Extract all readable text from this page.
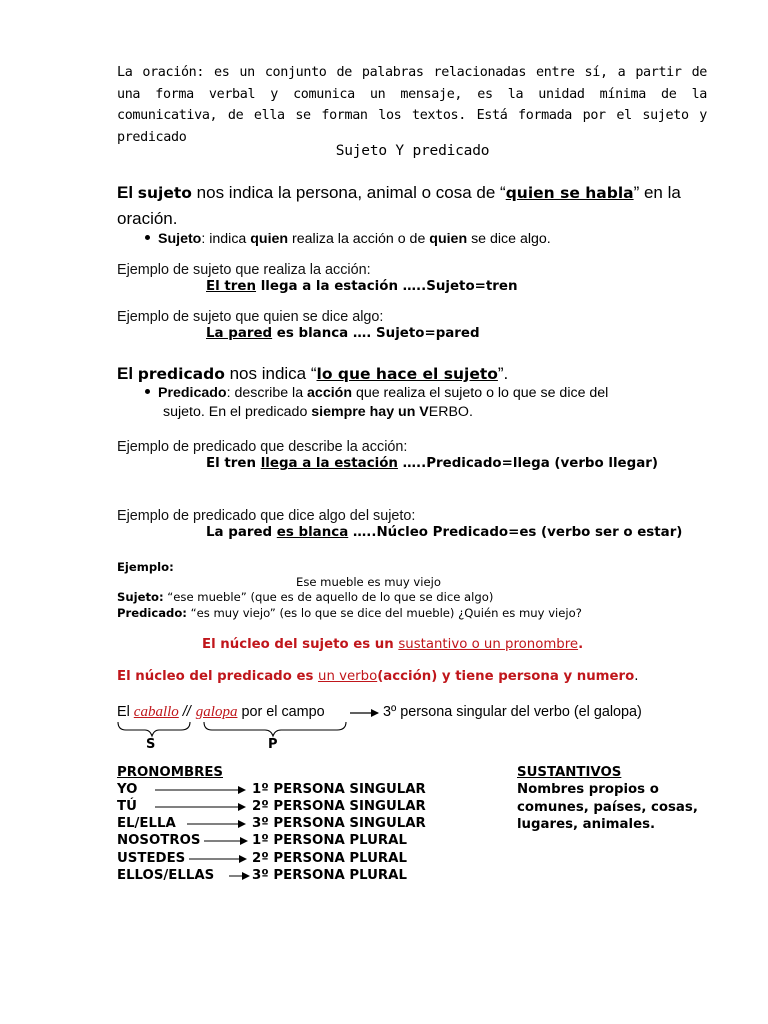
La oración: es un conjunto de palabras relacionadas entre sí, a partir de una forma verbal y comunica un mensaje, es la unidad mínima de la comunicativa, de ella se forman los textos. Está formada por el sujeto y predicado
Sujeto Y predicado
El sujeto nos indica la persona, animal o cosa de “quien se habla” en la
oración.
Sujeto: indica quien realiza la acción o de quien se dice algo.
Ejemplo de sujeto que realiza la acción:
El tren llega a la estación …..Sujeto=tren
Ejemplo de sujeto que quien se dice algo:
La pared es blanca …. Sujeto=pared
El predicado nos indica “lo que hace el sujeto”.
Predicado: describe la acción que realiza el sujeto o lo que se dice del
sujeto. En el predicado siempre hay un VERBO.
Ejemplo de predicado que describe la acción:
El tren llega a la estación …..Predicado=llega (verbo llegar)
Ejemplo de predicado que dice algo del sujeto:
La pared es blanca …..Núcleo Predicado=es (verbo ser o estar)
Ejemplo:
Ese mueble es muy viejo
Sujeto: “ese mueble” (que es de aquello de lo que se dice algo)
Predicado: “es muy viejo” (es lo que se dice del mueble) ¿Quién es muy viejo?
El núcleo del sujeto es un sustantivo o un pronombre.
El núcleo del predicado es un verbo(acción) y tiene persona y numero.
El caballo // galopa por el campo	3º persona singular del verbo (el galopa)
S	P
PRONOMBRES
YO
TÚ
EL/ELLA
NOSOTROS
USTEDES
ELLOS/ELLAS
1º PERSONA SINGULAR
2º PERSONA SINGULAR
3º PERSONA SINGULAR
1º PERSONA PLURAL
2º PERSONA PLURAL
3º PERSONA PLURAL
SUSTANTIVOS
Nombres propios o
comunes, países, cosas,
lugares, animales.
